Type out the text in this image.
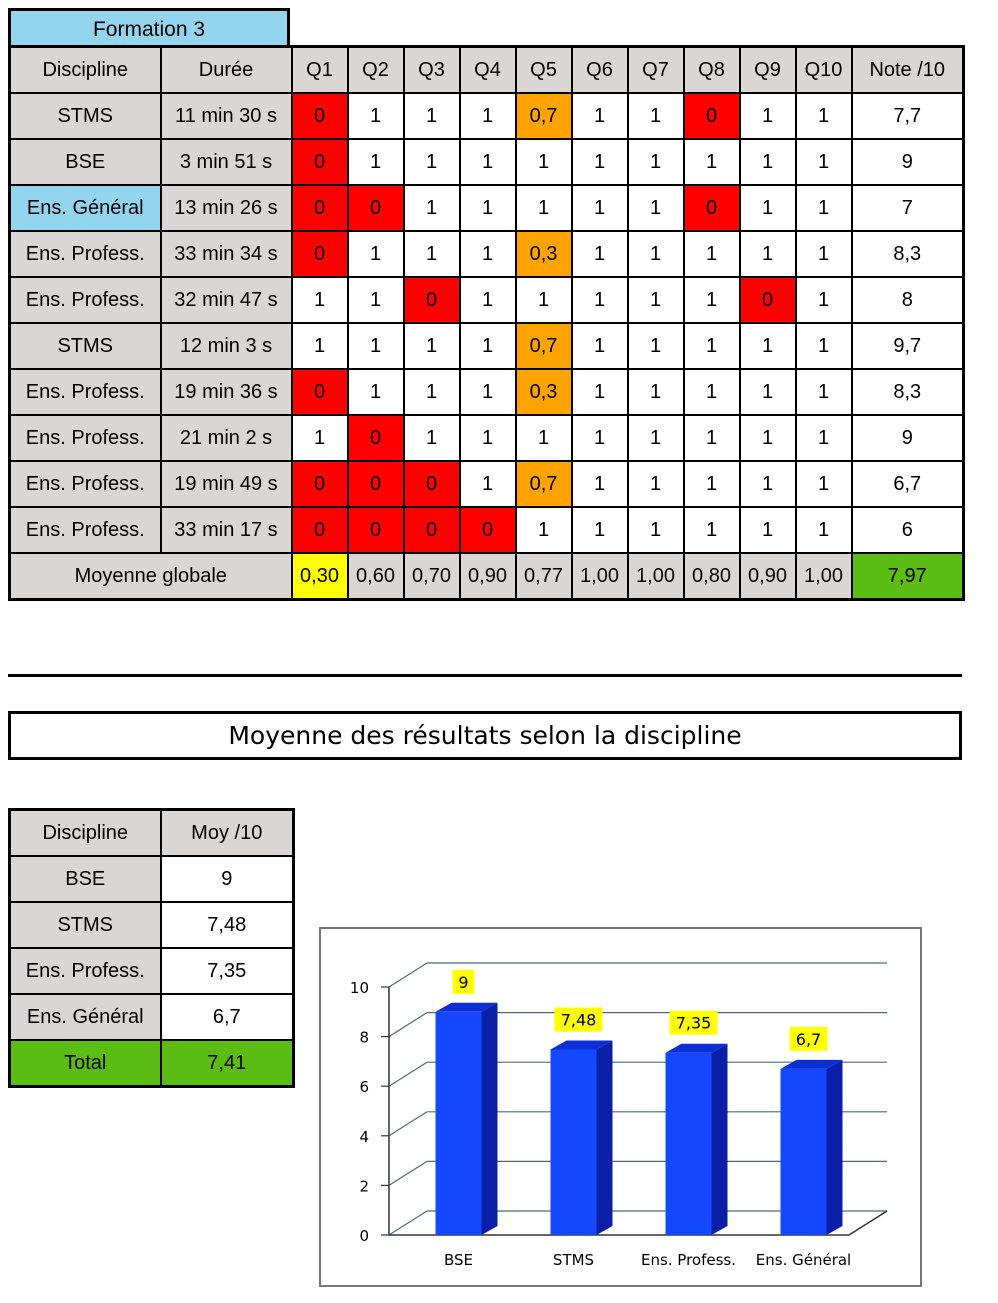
Formation 3
Discipline	Durée	Q1	Q2	Q3	Q4	Q5	Q6	Q7	Q8	Q9	Q10	Note /10
STMS	11 min 30 s	0	1	1	1	0,7	1	1	0	1	1	7,7
BSE	3 min 51 s	0	1	1	1	1	1	1	1	1	1	9
Ens. Général	13 min 26 s	0	0	1	1	1	1	1	0	1	1	7
Ens. Profess.	33 min 34 s	0	1	1	1	0,3	1	1	1	1	1	8,3
Ens. Profess.	32 min 47 s	1	1	0	1	1	1	1	1	0	1	8
STMS	12 min 3 s	1	1	1	1	0,7	1	1	1	1	1	9,7
Ens. Profess.	19 min 36 s	0	1	1	1	0,3	1	1	1	1	1	8,3
Ens. Profess.	21 min 2 s	1	0	1	1	1	1	1	1	1	1	9
Ens. Profess.	19 min 49 s	0	0	0	1	0,7	1	1	1	1	1	6,7
Ens. Profess.	33 min 17 s	0	0	0	0	1	1	1	1	1	1	6
Moyenne globale		0,30	0,60	0,70	0,90	0,77	1,00	1,00	0,80	0,90	1,00	7,97
Moyenne des résultats selon la discipline
Discipline	Moy /10
BSE	9
STMS	7,48
Ens. Profess.	7,35
Ens. Général	6,7
Total	7,41
0
2
4
6
8
10	9
BSE
7,48
STMS
7,35
Ens. Profess.
6,7
Ens. Général
